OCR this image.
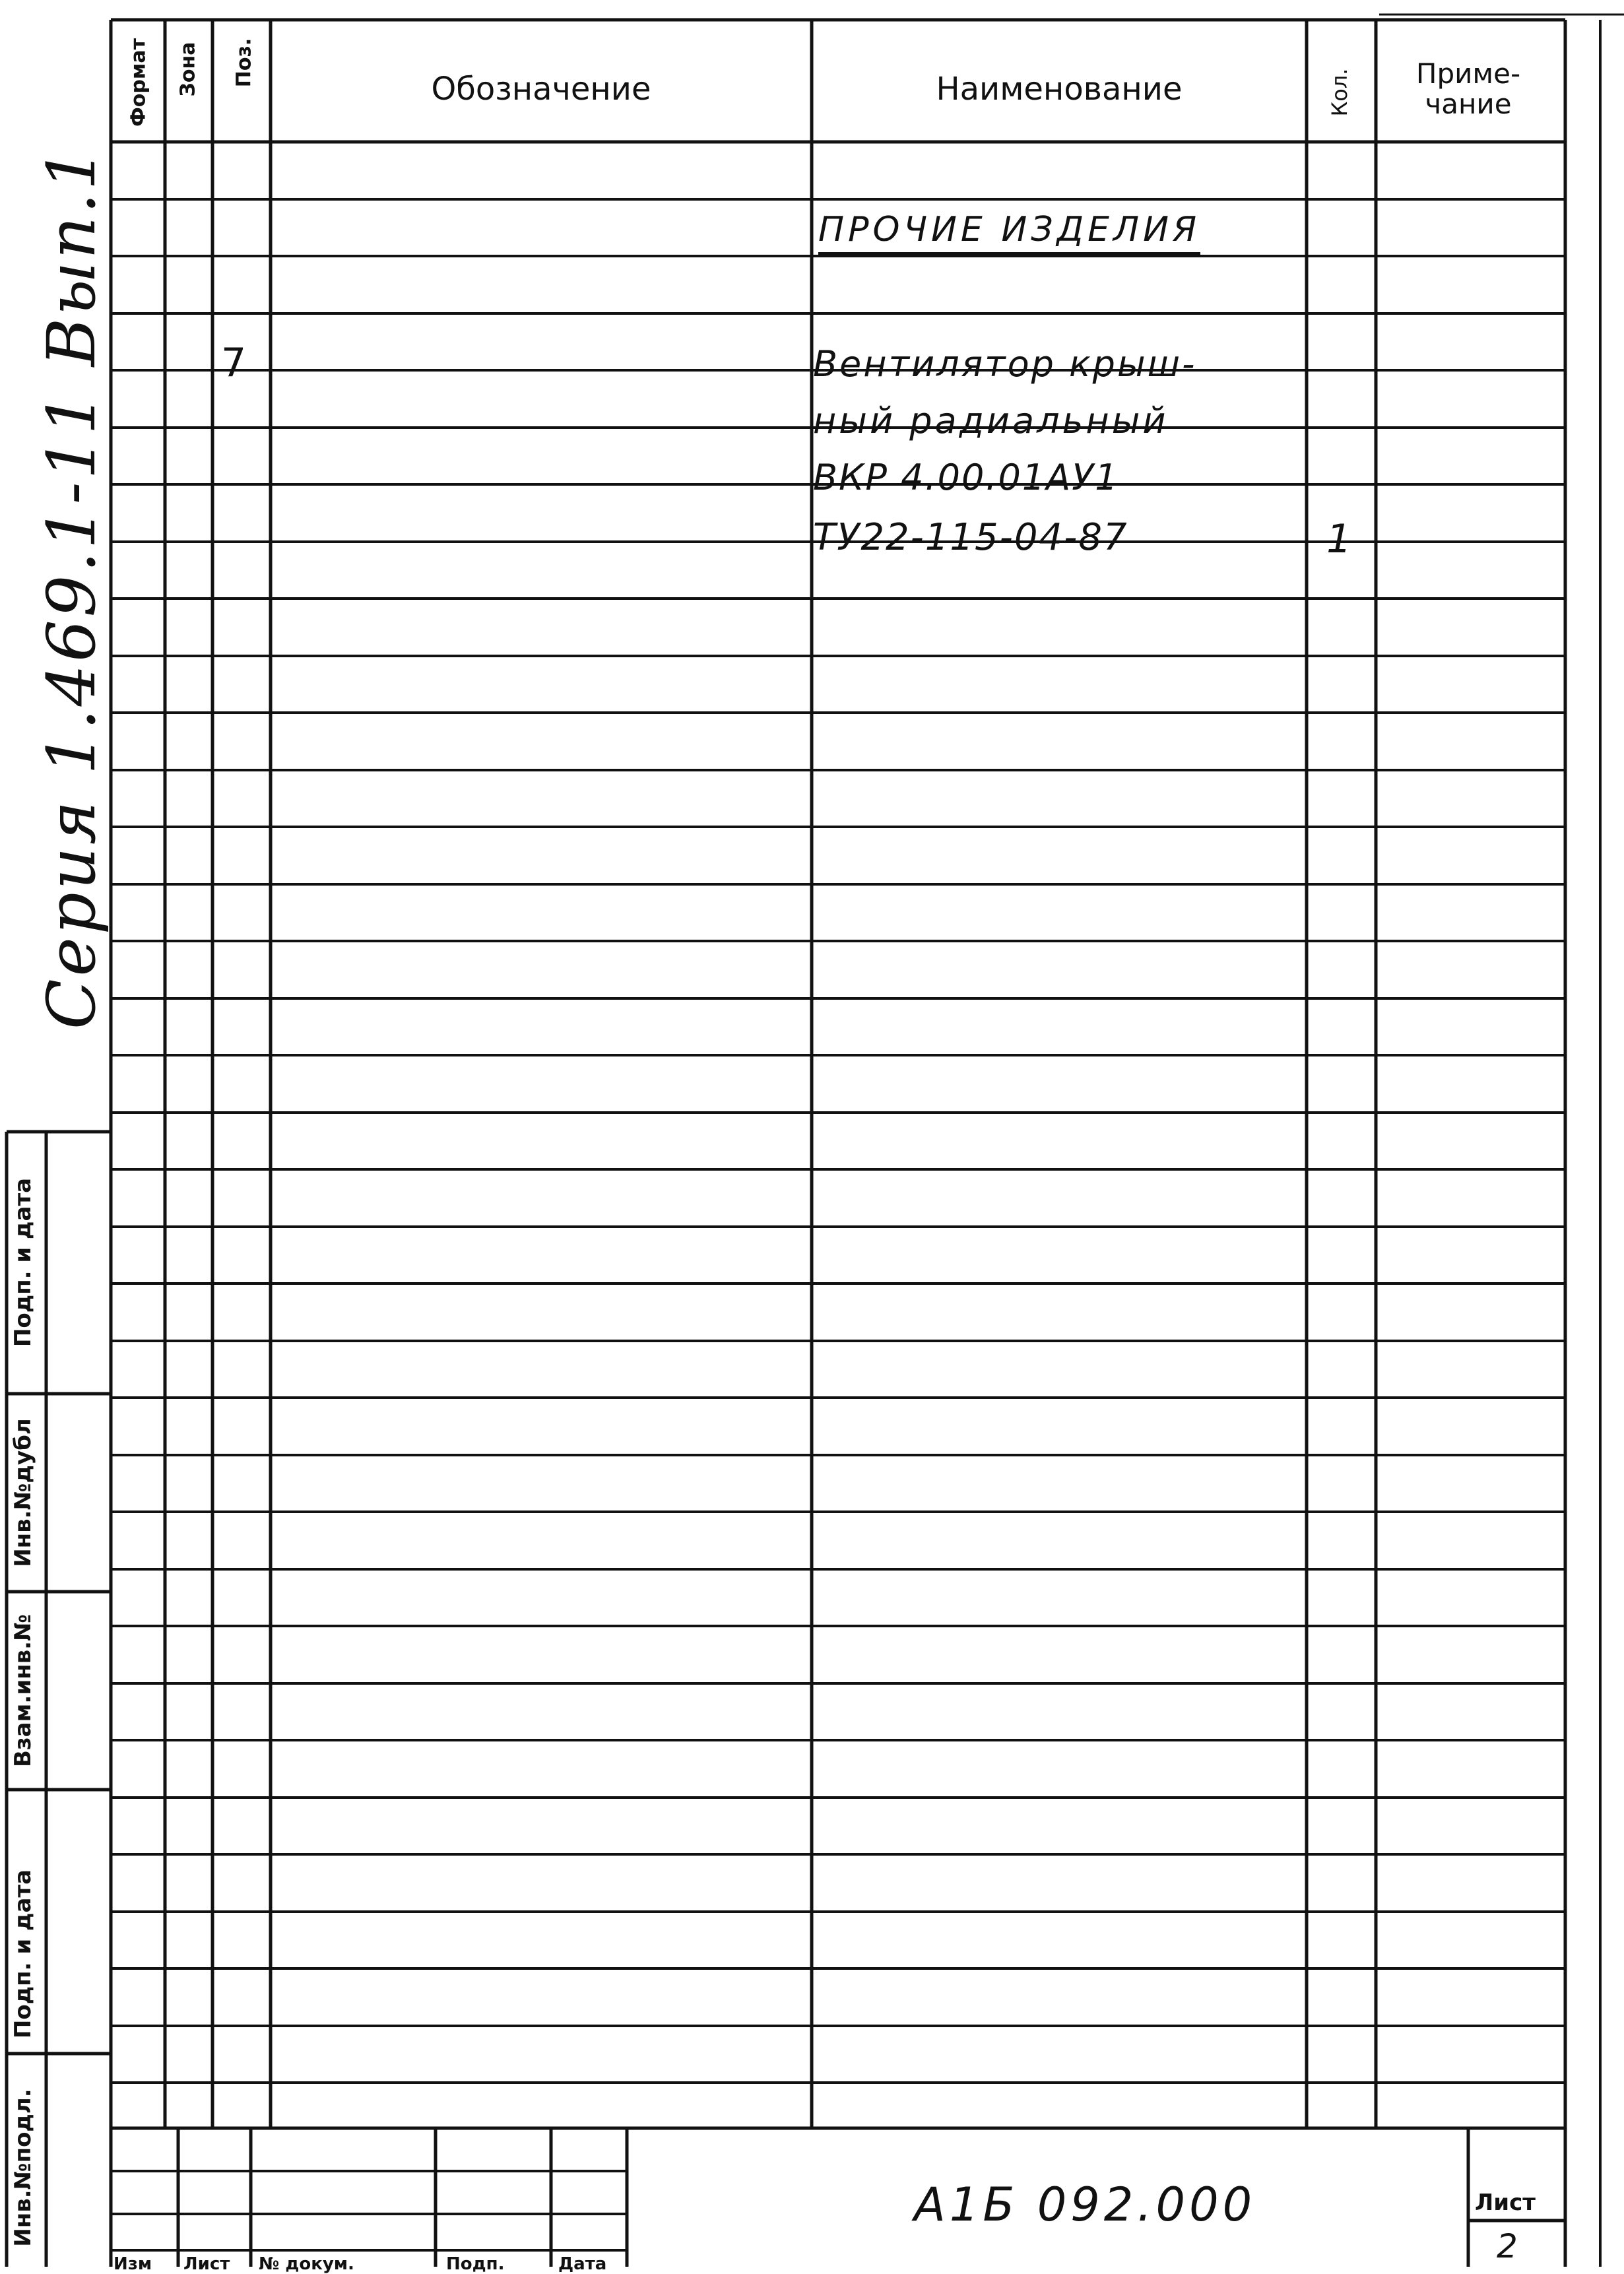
Формат Зона Поз.
Обозначение	Наименование	Кол. Приме-
чание
ПРОЧИЕ ИЗДЕЛИЯ
7	Вентилятор крыш-
ный радиальный
ВКР 4.00.01АУ1
ТУ22-115-04-87	1
Серия 1.469.1-11 Вып.1
Подп. и дата
Инв.№дубл
Взам.инв.№
Подп. и дата
Инв.№подл.	А1Б 092.000	Лист
2
Изм	Лист	№ докум.	Подп.	Дата
